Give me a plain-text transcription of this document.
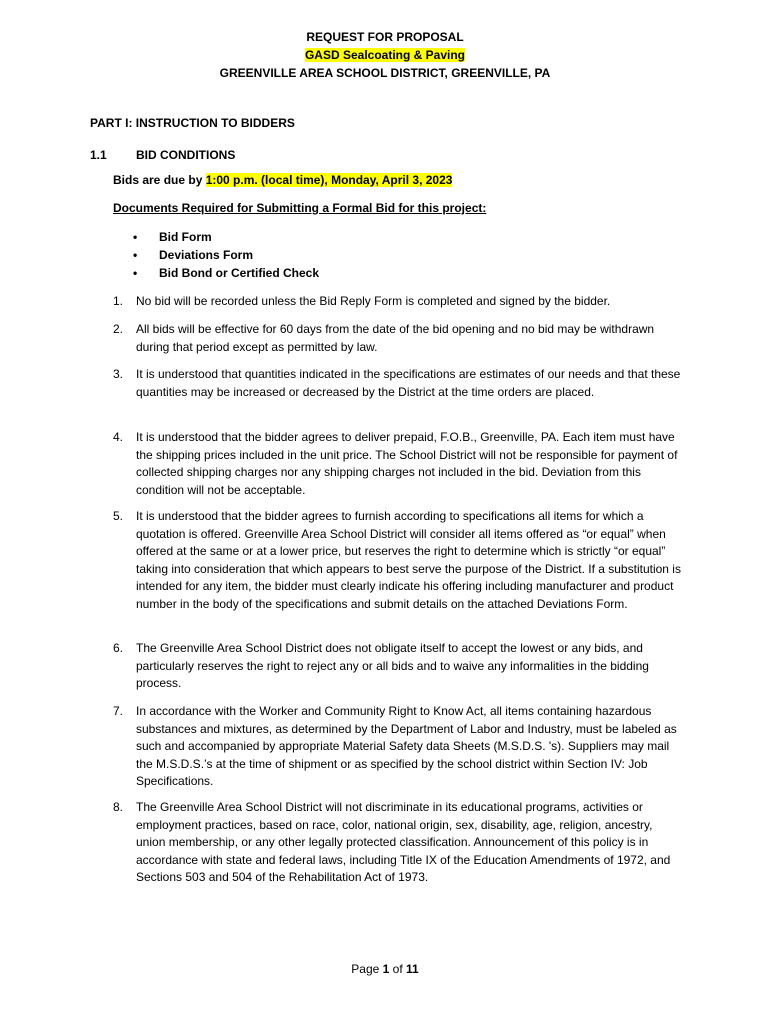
REQUEST FOR PROPOSAL
GASD Sealcoating & Paving
GREENVILLE AREA SCHOOL DISTRICT, GREENVILLE, PA
PART I: INSTRUCTION TO BIDDERS
1.1 BID CONDITIONS
Bids are due by 1:00 p.m. (local time), Monday, April 3, 2023
Documents Required for Submitting a Formal Bid for this project:
• Bid Form
• Deviations Form
• Bid Bond or Certified Check
1.	No bid will be recorded unless the Bid Reply Form is completed and signed by the bidder.
2.	All bids will be effective for 60 days from the date of the bid opening and no bid may be withdrawn during that period except as permitted by law.
3.	It is understood that quantities indicated in the specifications are estimates of our needs and that these quantities may be increased or decreased by the District at the time orders are placed.
4.	It is understood that the bidder agrees to deliver prepaid, F.O.B., Greenville, PA. Each item must have the shipping prices included in the unit price. The School District will not be responsible for payment of collected shipping charges nor any shipping charges not included in the bid. Deviation from this condition will not be acceptable.
5.	It is understood that the bidder agrees to furnish according to specifications all items for which a quotation is offered. Greenville Area School District will consider all items offered as “or equal” when offered at the same or at a lower price, but reserves the right to determine which is strictly “or equal” taking into consideration that which appears to best serve the purpose of the District. If a substitution is intended for any item, the bidder must clearly indicate his offering including manufacturer and product number in the body of the specifications and submit details on the attached Deviations Form.
6.	The Greenville Area School District does not obligate itself to accept the lowest or any bids, and particularly reserves the right to reject any or all bids and to waive any informalities in the bidding process.
7.	In accordance with the Worker and Community Right to Know Act, all items containing hazardous substances and mixtures, as determined by the Department of Labor and Industry, must be labeled as such and accompanied by appropriate Material Safety data Sheets (M.S.D.S. 's). Suppliers may mail the M.S.D.S.’s at the time of shipment or as specified by the school district within Section IV: Job Specifications.
8.	The Greenville Area School District will not discriminate in its educational programs, activities or employment practices, based on race, color, national origin, sex, disability, age, religion, ancestry, union membership, or any other legally protected classification. Announcement of this policy is in accordance with state and federal laws, including Title IX of the Education Amendments of 1972, and Sections 503 and 504 of the Rehabilitation Act of 1973.
Page 1 of 11
